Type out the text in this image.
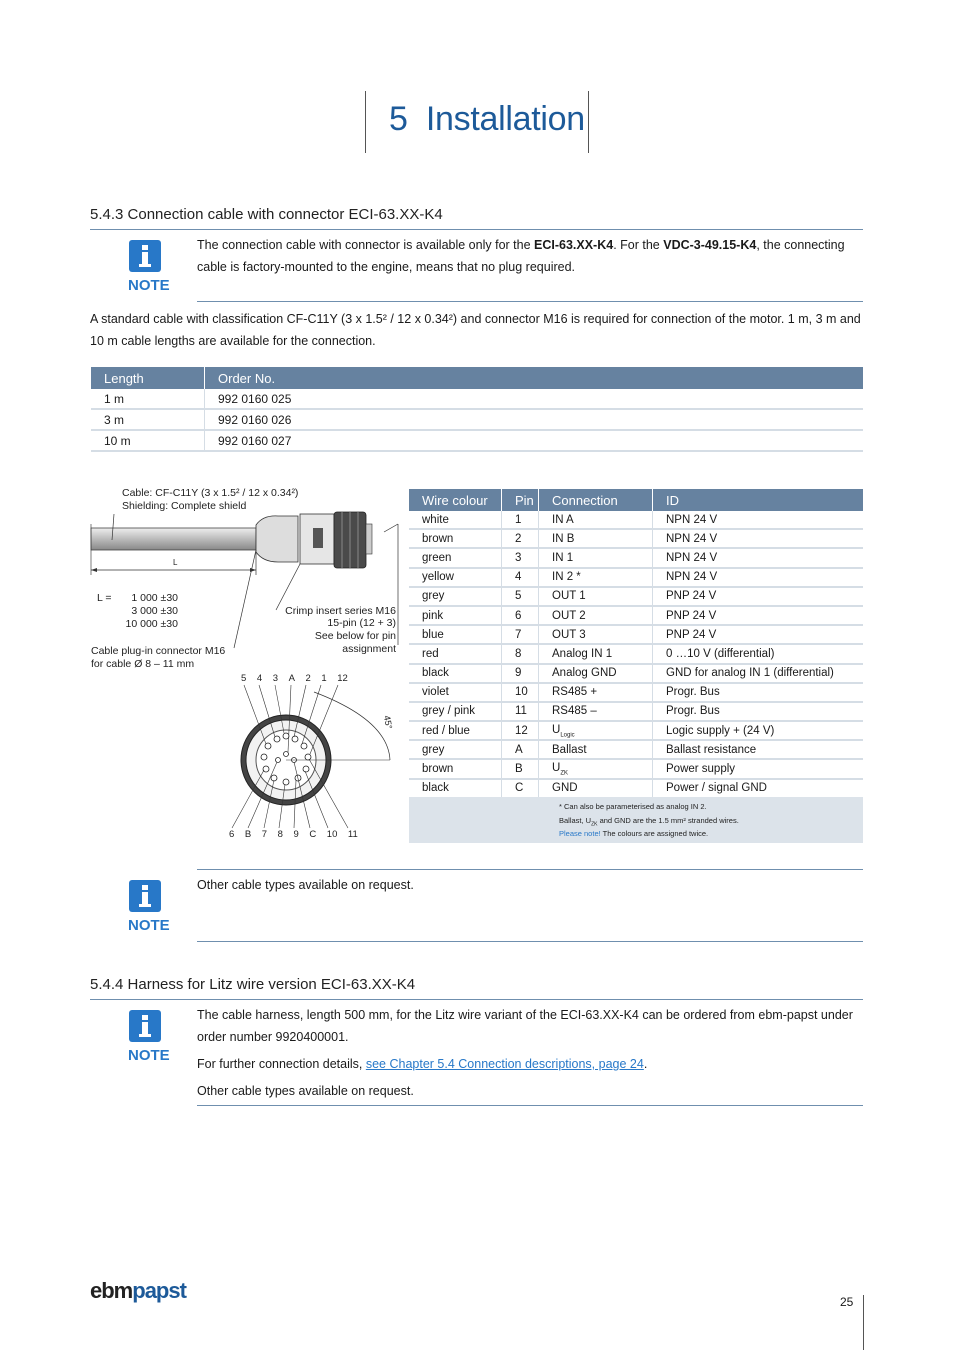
5 Installation
5.4.3 Connection cable with connector ECI-63.XX-K4
NOTE
The connection cable with connector is available only for the ECI-63.XX-K4. For the VDC-3-49.15-K4, the connecting cable is factory-mounted to the engine, means that no plug required.
A standard cable with classification CF-C11Y (3 x 1.5² / 12 x 0.34²) and connector M16 is required for connection of the motor. 1 m, 3 m and 10 m cable lengths are available for the connection.
Length	Order No.
1 m	992 0160 025
3 m	992 0160 026
10 m	992 0160 027
Cable: CF-C11Y (3 x 1.5² / 12 x 0.34²)
Shielding: Complete shield
L
L =	1 000 ±30
3 000 ±30
10 000 ±30
Crimp insert series M16
15-pin (12 + 3)
See below for pin
assignment
Cable plug-in connector M16
for cable Ø 8 – 11 mm
5 4 3 A 2 1 12
6 B 7 8 9 C 10 11
45°
Wire colour	Pin	Connection	ID
white	1	IN A	NPN 24 V
brown	2	IN B	NPN 24 V
green	3	IN 1	NPN 24 V
yellow	4	IN 2 *	NPN 24 V
grey	5	OUT 1	PNP 24 V
pink	6	OUT 2	PNP 24 V
blue	7	OUT 3	PNP 24 V
red	8	Analog IN 1	0 …10 V (differential)
black	9	Analog GND	GND for analog IN 1 (differential)
violet	10	RS485 +	Progr. Bus
grey / pink	11	RS485 –	Progr. Bus
red / blue	12	$U_{Logic}$	Logic supply + (24 V)
grey	A	Ballast	Ballast resistance
brown	B	$U_{ZK}$	Power supply
black	C	GND	Power / signal GND
* Can also be parameterised as analog IN 2.
Ballast, $U_{ZK}$ and GND are the 1.5 mm² stranded wires.
Please note! The colours are assigned twice.
NOTE
Other cable types available on request.
5.4.4 Harness for Litz wire version ECI-63.XX-K4
NOTE
The cable harness, length 500 mm, for the Litz wire variant of the ECI-63.XX-K4 can be ordered from ebm-papst under order number 9920400001.
For further connection details, see Chapter 5.4 Connection descriptions, page 24.
Other cable types available on request.
ebmpapst	25
